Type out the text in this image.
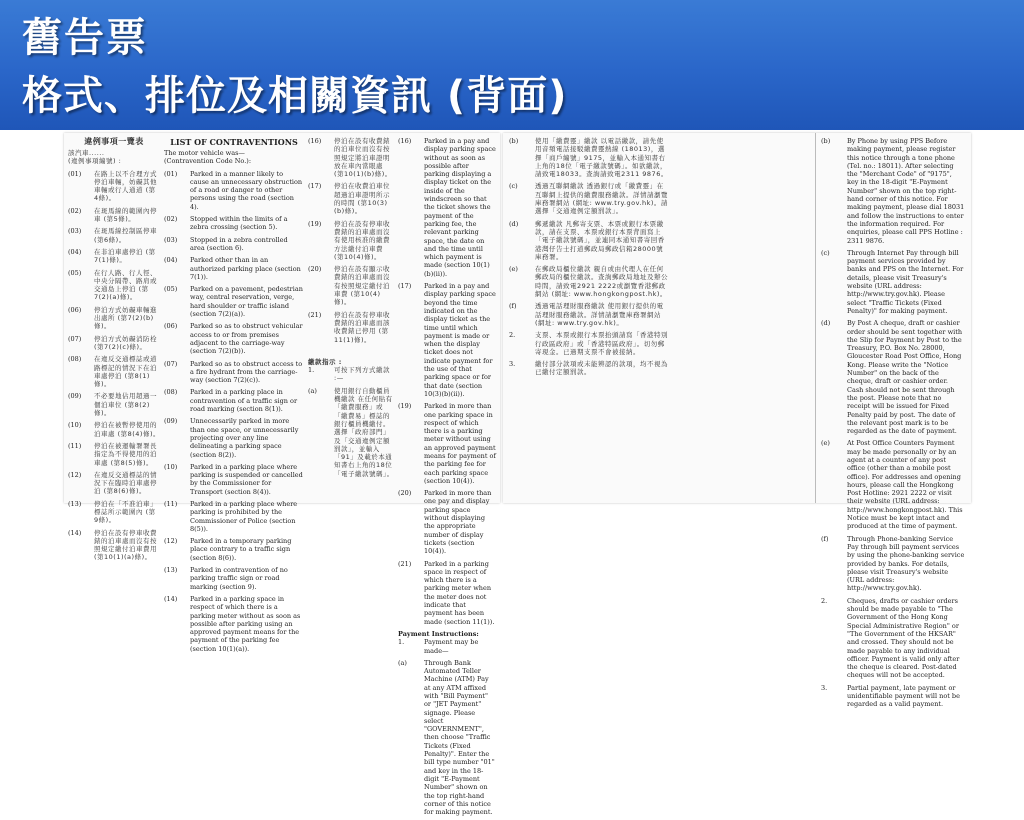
舊告票
格式、排位及相關資訊 (背面)
違例事項一覽表
該汽車......
(違例事項編號) :
(01)	在路上以不合理方式停泊車輛，妨礙其他車輛或行人通道 (第4條)。
(02)	在斑馬線的範圍內停車 (第5條)。
(03)	在斑馬線控制區停車 (第6條)。
(04)	在非泊車處停泊 (第7(1)條)。
(05)	在行人路、行人徑、中央分隔帶、路肩或交通島上停泊 (第7(2)(a)條)。
(06)	停泊方式妨礙車輛進出處所 (第7(2)(b)條)。
(07)	停泊方式妨礙消防栓 (第7(2)(c)條)。
(08)	在違反交通標誌或道路標記的情況下在泊車處停泊 (第8(1)條)。
(09)	不必要地佔用超過一個泊車位 (第8(2)條)。
(10)	停泊在被暫停使用的泊車處 (第8(4)條)。
(11)	停泊在被運輸署署長指定為不得使用的泊車處 (第8(5)條)。
(12)	在違反交通標誌的情況下在臨時泊車處停泊 (第8(6)條)。
(13)	停泊在「不准泊車」標誌所示範圍內 (第9條)。
(14)	停泊在設有停車收費錶的泊車處而沒有按照規定繳付泊車費用 (第10(1)(a)條)。
LIST OF CONTRAVENTIONS
The motor vehicle was—
(Contravention Code No.):
(01)	Parked in a manner likely to cause an unnecessary obstruction of a road or danger to other persons using the road (section 4).
(02)	Stopped within the limits of a zebra crossing (section 5).
(03)	Stopped in a zebra controlled area (section 6).
(04)	Parked other than in an authorized parking place (section 7(1)).
(05)	Parked on a pavement, pedestrian way, central reservation, verge, hard shoulder or traffic island (section 7(2)(a)).
(06)	Parked so as to obstruct vehicular access to or from premises adjacent to the carriage-way (section 7(2)(b)).
(07)	Parked so as to obstruct access to a fire hydrant from the carriage-way (section 7(2)(c)).
(08)	Parked in a parking place in contravention of a traffic sign or road marking (section 8(1)).
(09)	Unnecessarily parked in more than one space, or unnecessarily projecting over any line delineating a parking space (section 8(2)).
(10)	Parked in a parking place where parking is suspended or cancelled by the Commissioner for Transport (section 8(4)).
(11)	Parked in a parking place where parking is prohibited by the Commissioner of Police (section 8(5)).
(12)	Parked in a temporary parking place contrary to a traffic sign (section 8(6)).
(13)	Parked in contravention of no parking traffic sign or road marking (section 9).
(14)	Parked in a parking space in respect of which there is a parking meter without as soon as possible after parking using an approved payment means for the payment of the parking fee (section 10(1)(a)).
(16)	停泊在設有收費錶的泊車位而沒有按照規定將泊車證明放在車內當眼處 (第10(1)(b)條)。
(17)	停泊在收費泊車位超過泊車證明所示的時間 (第10(3)(b)條)。
(19)	停泊在設有停車收費錶的泊車處而沒有使用核准的繳費方法繳付泊車費 (第10(4)條)。
(20)	停泊在設有顯示收費錶的泊車處而沒有按照規定繳付泊車費 (第10(4)條)。
(21)	停泊在設有停車收費錶的泊車處而該收費錶已停用 (第11(1)條)。
繳款指示 :
1.	可按下列方式繳款 :—
(a)	使用銀行自動櫃員機繳款 在任何貼有「繳費服務」或「繳費易」標誌的銀行櫃員機繳付。選擇「政府部門」及「交通違例定額罰款」，並輸入「91」及載於本通知書右上角的18位「電子繳款號碼」。
(16)	Parked in a pay and display parking space without as soon as possible after parking displaying a display ticket on the inside of the windscreen so that the ticket shows the payment of the parking fee, the relevant parking space, the date on and the time until which payment is made (section 10(1)(b)(ii)).
(17)	Parked in a pay and display parking space beyond the time indicated on the display ticket as the time until which payment is made or when the display ticket does not indicate payment for the use of that parking space or for that date (section 10(3)(b)(ii)).
(19)	Parked in more than one parking space in respect of which there is a parking meter without using an approved payment means for payment of the parking fee for each parking space (section 10(4)).
(20)	Parked in more than one pay and display parking space without displaying the appropriate number of display tickets (section 10(4)).
(21)	Parked in a parking space in respect of which there is a parking meter when the meter does not indicate that payment has been made (section 11(1)).
Payment Instructions:
1.	Payment may be made—
(a)	Through Bank Automated Teller Machine (ATM) Pay at any ATM affixed with "Bill Payment" or "JET Payment" signage. Please select "GOVERNMENT", then choose "Traffic Tickets (Fixed Penalty)". Enter the bill type number "01" and key in the 18-digit "E-Payment Number" shown on the top right-hand corner of this notice for making payment.
(b)	使用「繳費靈」繳款 以電話繳款，請先使用音頻電話接駁繳費靈熱線 (18013)，選擇「商戶編號」9175，並輸入本通知書右上角的18位「電子繳款號碼」。如欲繳款，請致電18033。查詢請致電2311 9876。
(c)	透過互聯網繳款 透過銀行或「繳費靈」在互聯網上提供的繳費服務繳款。詳情請瀏覽庫務署網站 (網址: www.try.gov.hk)。請選擇「交通違例定額罰款」。
(d)	郵遞繳款 凡郵寄支票、本票或銀行本票繳款，請在支票、本票或銀行本票背面寫上「電子繳款號碼」，並連同本通知書寄回香港灣仔告士打道郵政局郵政信箱28000號庫務署。
(e)	在郵政局櫃位繳款 親自或由代理人在任何郵政局的櫃位繳款。查詢郵政局地址及辦公時間，請致電2921 2222或瀏覽香港郵政網站 (網址: www.hongkongpost.hk)。
(f)	透過電話理財服務繳款 使用銀行提供的電話理財服務繳款。詳情請瀏覽庫務署網站 (網址: www.try.gov.hk)。
2.	支票、本票或銀行本票抬頭請寫「香港特別行政區政府」或「香港特區政府」。切勿郵寄現金。已過期支票不會被接納。
3.	繳付部分款項或未能辨認的款項，均不視為已繳付定額罰款。
(b)	By Phone by using PPS Before making payment, please register this notice through a tone phone (Tel. no.: 18011). After selecting the "Merchant Code" of "9175", key in the 18-digit "E-Payment Number" shown on the top right-hand corner of this notice. For making payment, please dial 18031 and follow the instructions to enter the information required. For enquiries, please call PPS Hotline : 2311 9876.
(c)	Through Internet Pay through bill payment services provided by banks and PPS on the Internet. For details, please visit Treasury's website (URL address: http://www.try.gov.hk). Please select "Traffic Tickets (Fixed Penalty)" for making payment.
(d)	By Post A cheque, draft or cashier order should be sent together with the Slip for Payment by Post to the Treasury, P.O. Box No. 28000, Gloucester Road Post Office, Hong Kong. Please write the "Notice Number" on the back of the cheque, draft or cashier order. Cash should not be sent through the post. Please note that no receipt will be issued for Fixed Penalty paid by post. The date of the relevant post mark is to be regarded as the date of payment.
(e)	At Post Office Counters Payment may be made personally or by an agent at a counter of any post office (other than a mobile post office). For addresses and opening hours, please call the Hongkong Post Hotline: 2921 2222 or visit their website (URL address: http://www.hongkongpost.hk). This Notice must be kept intact and produced at the time of payment.
(f)	Through Phone-banking Service Pay through bill payment services by using the phone-banking service provided by banks. For details, please visit Treasury's website (URL address: http://www.try.gov.hk).
2.	Cheques, drafts or cashier orders should be made payable to "The Government of the Hong Kong Special Administrative Region" or "The Government of the HKSAR" and crossed. They should not be made payable to any individual officer. Payment is valid only after the cheque is cleared. Post-dated cheques will not be accepted.
3.	Partial payment, late payment or unidentifiable payment will not be regarded as a valid payment.
